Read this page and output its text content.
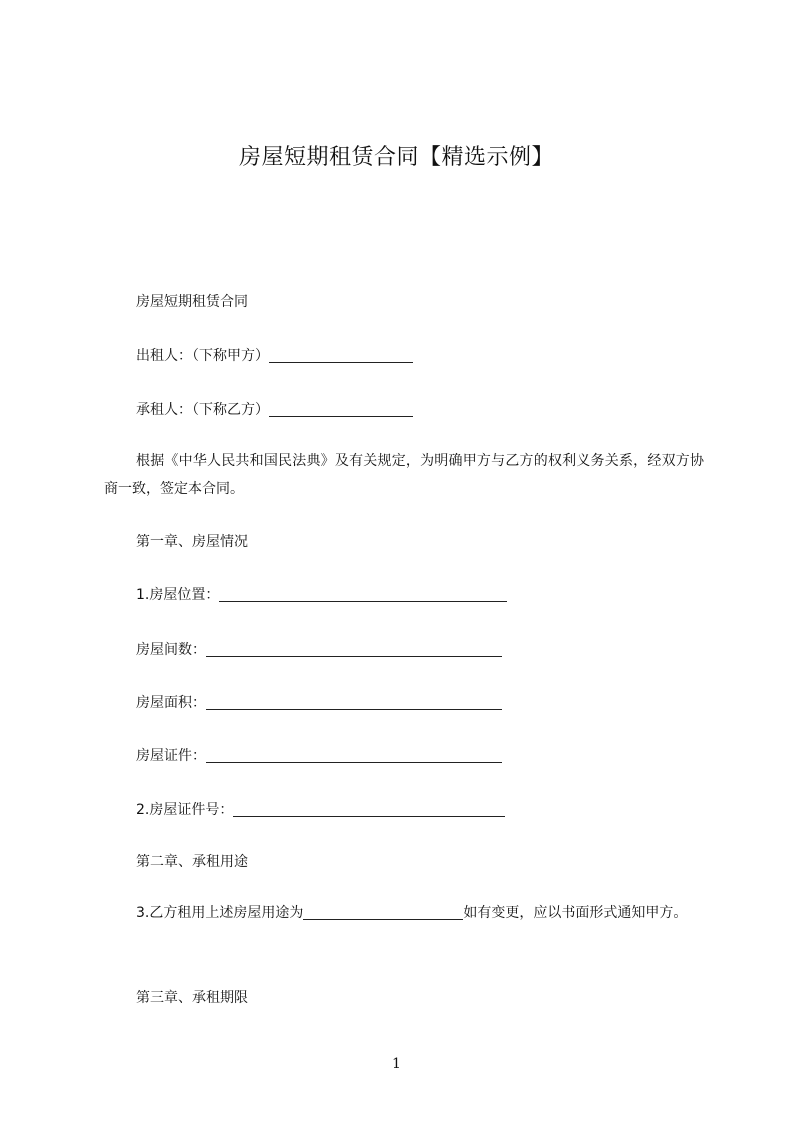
房屋短期租赁合同【精选示例】
房屋短期租赁合同
出租人：（下称甲方）
承租人：（下称乙方）
根据《中华人民共和国民法典》及有关规定，为明确甲方与乙方的权利义务关系，经双方协商一致，签定本合同。
第一章、房屋情况
1.房屋位置：
房屋间数：
房屋面积：
房屋证件：
2.房屋证件号：
第二章、承租用途
3.乙方租用上述房屋用途为	如有变更，应以书面形式通知甲方。
第三章、承租期限
1
